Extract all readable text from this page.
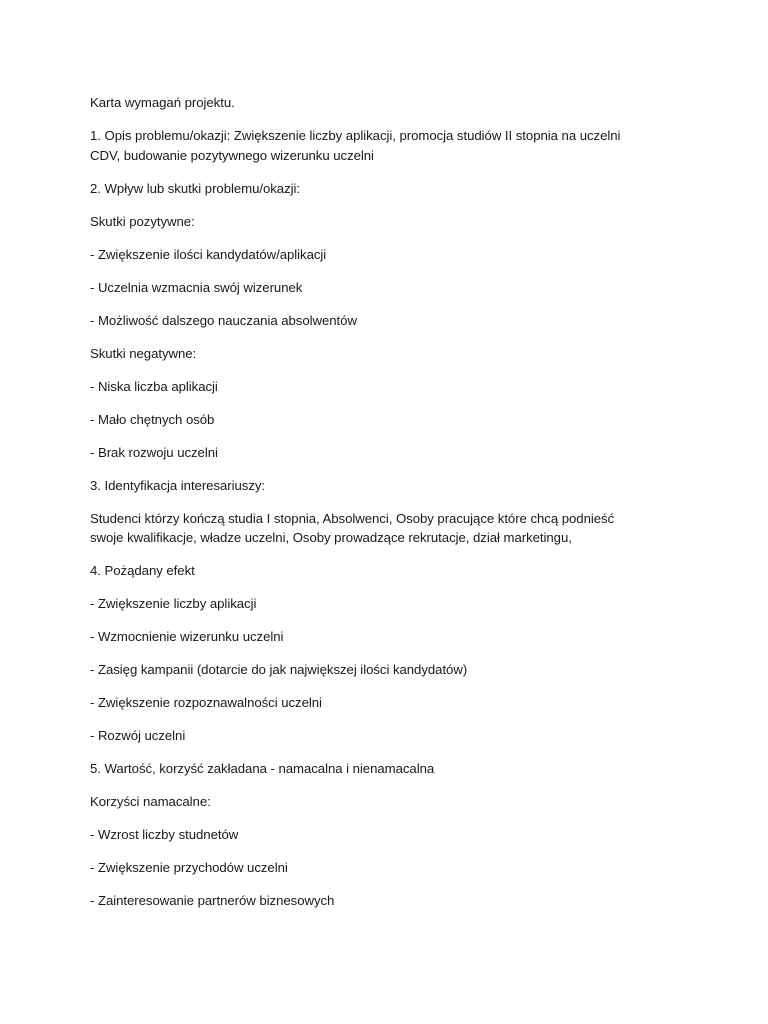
Karta wymagań projektu.

1. Opis problemu/okazji: Zwiększenie liczby aplikacji, promocja studiów II stopnia na uczelni CDV, budowanie pozytywnego wizerunku uczelni

2. Wpływ lub skutki problemu/okazji:

Skutki pozytywne:

- Zwiększenie ilości kandydatów/aplikacji

- Uczelnia wzmacnia swój wizerunek

- Możliwość dalszego nauczania absolwentów

Skutki negatywne:

- Niska liczba aplikacji

- Mało chętnych osób

- Brak rozwoju uczelni

3. Identyfikacja interesariuszy:

Studenci którzy kończą studia I stopnia, Absolwenci, Osoby pracujące które chcą podnieść swoje kwalifikacje, władze uczelni, Osoby prowadzące rekrutacje, dział marketingu,

4. Pożądany efekt

- Zwiększenie liczby aplikacji

- Wzmocnienie wizerunku uczelni

- Zasięg kampanii (dotarcie do jak największej ilości kandydatów)

- Zwiększenie rozpoznawalności uczelni

- Rozwój uczelni

5. Wartość, korzyść zakładana - namacalna i nienamacalna

Korzyści namacalne:

- Wzrost liczby studnetów

- Zwiększenie przychodów uczelni

- Zainteresowanie partnerów biznesowych
